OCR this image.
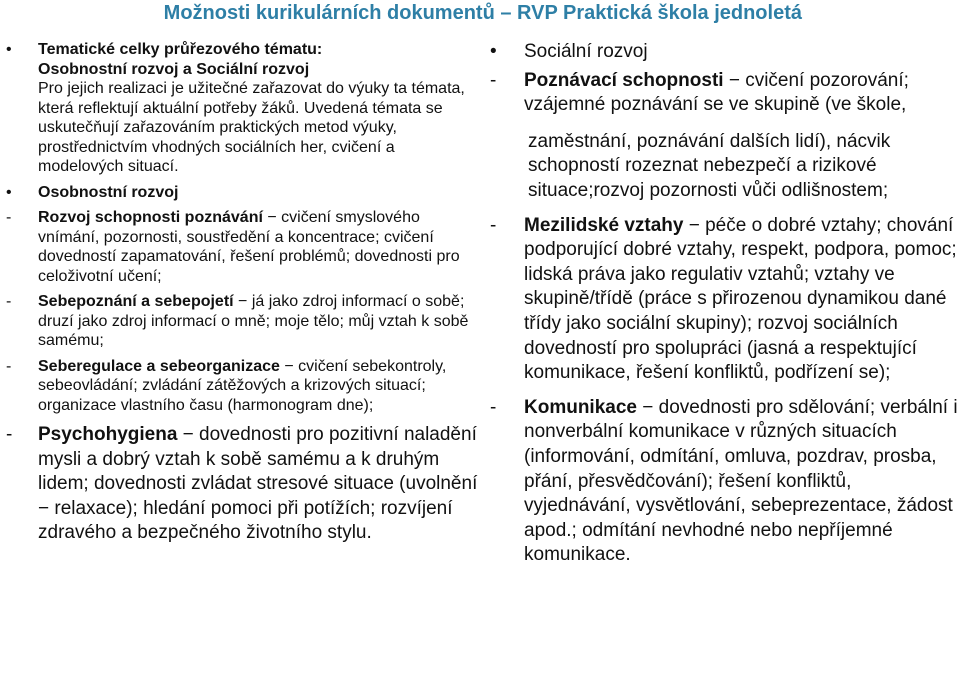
Možnosti kurikulárních dokumentů – RVP Praktická škola jednoletá
•	Tematické celky průřezového tématu:
Osobnostní rozvoj a Sociální rozvoj
Pro jejich realizaci je užitečné zařazovat do výuky ta témata, která reflektují aktuální potřeby žáků. Uvedená témata se uskutečňují zařazováním praktických metod výuky, prostřednictvím vhodných sociálních her, cvičení a modelových situací.
•	Osobnostní rozvoj
-	Rozvoj schopnosti poznávání − cvičení smyslového vnímání, pozornosti, soustředění a koncentrace; cvičení dovedností zapamatování, řešení problémů; dovednosti pro celoživotní učení;
-	Sebepoznání a sebepojetí − já jako zdroj informací o sobě; druzí jako zdroj informací o mně; moje tělo; můj vztah k sobě samému;
-	Seberegulace a sebeorganizace − cvičení sebekontroly, sebeovládání; zvládání zátěžových a krizových situací; organizace vlastního času (harmonogram dne);
-	Psychohygiena − dovednosti pro pozitivní naladění mysli a dobrý vztah k sobě samému a k druhým lidem; dovednosti zvládat stresové situace (uvolnění − relaxace); hledání pomoci při potížích; rozvíjení zdravého a bezpečného životního stylu.
•	Sociální rozvoj
-	Poznávací schopnosti − cvičení pozorování; vzájemné poznávání se ve skupině (ve škole,
zaměstnání, poznávání dalších lidí), nácvik schopností rozeznat nebezpečí a rizikové situace;rozvoj pozornosti vůči odlišnostem;
-	Mezilidské vztahy − péče o dobré vztahy; chování podporující dobré vztahy, respekt, podpora, pomoc; lidská práva jako regulativ vztahů; vztahy ve skupině/třídě (práce s přirozenou dynamikou dané třídy jako sociální skupiny); rozvoj sociálních dovedností pro spolupráci (jasná a respektující komunikace, řešení konfliktů, podřízení se);
-	Komunikace − dovednosti pro sdělování; verbální i nonverbální komunikace v různých situacích (informování, odmítání, omluva, pozdrav, prosba, přání, přesvědčování); řešení konfliktů, vyjednávání, vysvětlování, sebeprezentace, žádost apod.; odmítání nevhodné nebo nepříjemné komunikace.
